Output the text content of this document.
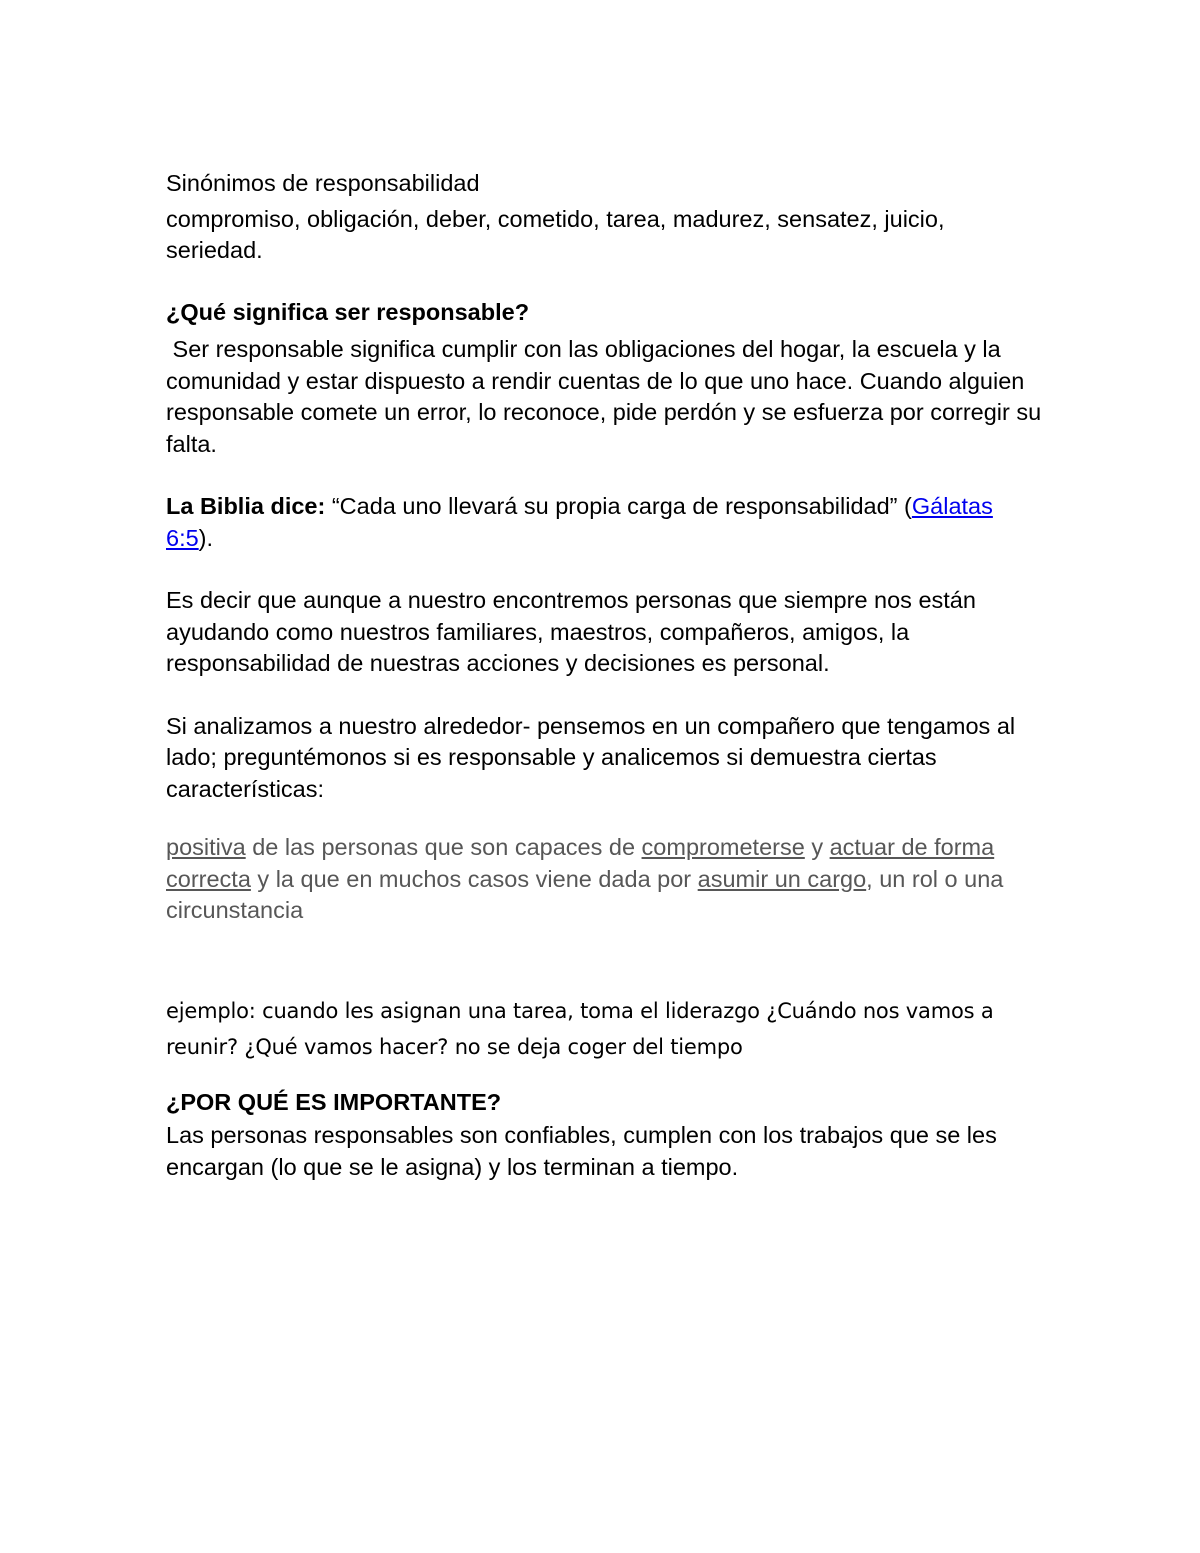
Sinónimos de responsabilidad

compromiso, obligación, deber, cometido, tarea, madurez, sensatez, juicio, seriedad.

¿Qué significa ser responsable?

Ser responsable significa cumplir con las obligaciones del hogar, la escuela y la comunidad y estar dispuesto a rendir cuentas de lo que uno hace. Cuando alguien responsable comete un error, lo reconoce, pide perdón y se esfuerza por corregir su falta.

La Biblia dice: “Cada uno llevará su propia carga de responsabilidad” (Gálatas 6:5).

Es decir que aunque a nuestro encontremos personas que siempre nos están ayudando como nuestros familiares, maestros, compañeros, amigos, la responsabilidad de nuestras acciones y decisiones es personal.

Si analizamos a nuestro alrededor- pensemos en un compañero que tengamos al lado; preguntémonos si es responsable y analicemos si demuestra ciertas características:

positiva de las personas que son capaces de comprometerse y actuar de forma correcta y la que en muchos casos viene dada por asumir un cargo, un rol o una circunstancia

ejemplo: cuando les asignan una tarea, toma el liderazgo ¿Cuándo nos vamos a reunir? ¿Qué vamos hacer? no se deja coger del tiempo

¿POR QUÉ ES IMPORTANTE?

Las personas responsables son confiables, cumplen con los trabajos que se les encargan (lo que se le asigna) y los terminan a tiempo.
